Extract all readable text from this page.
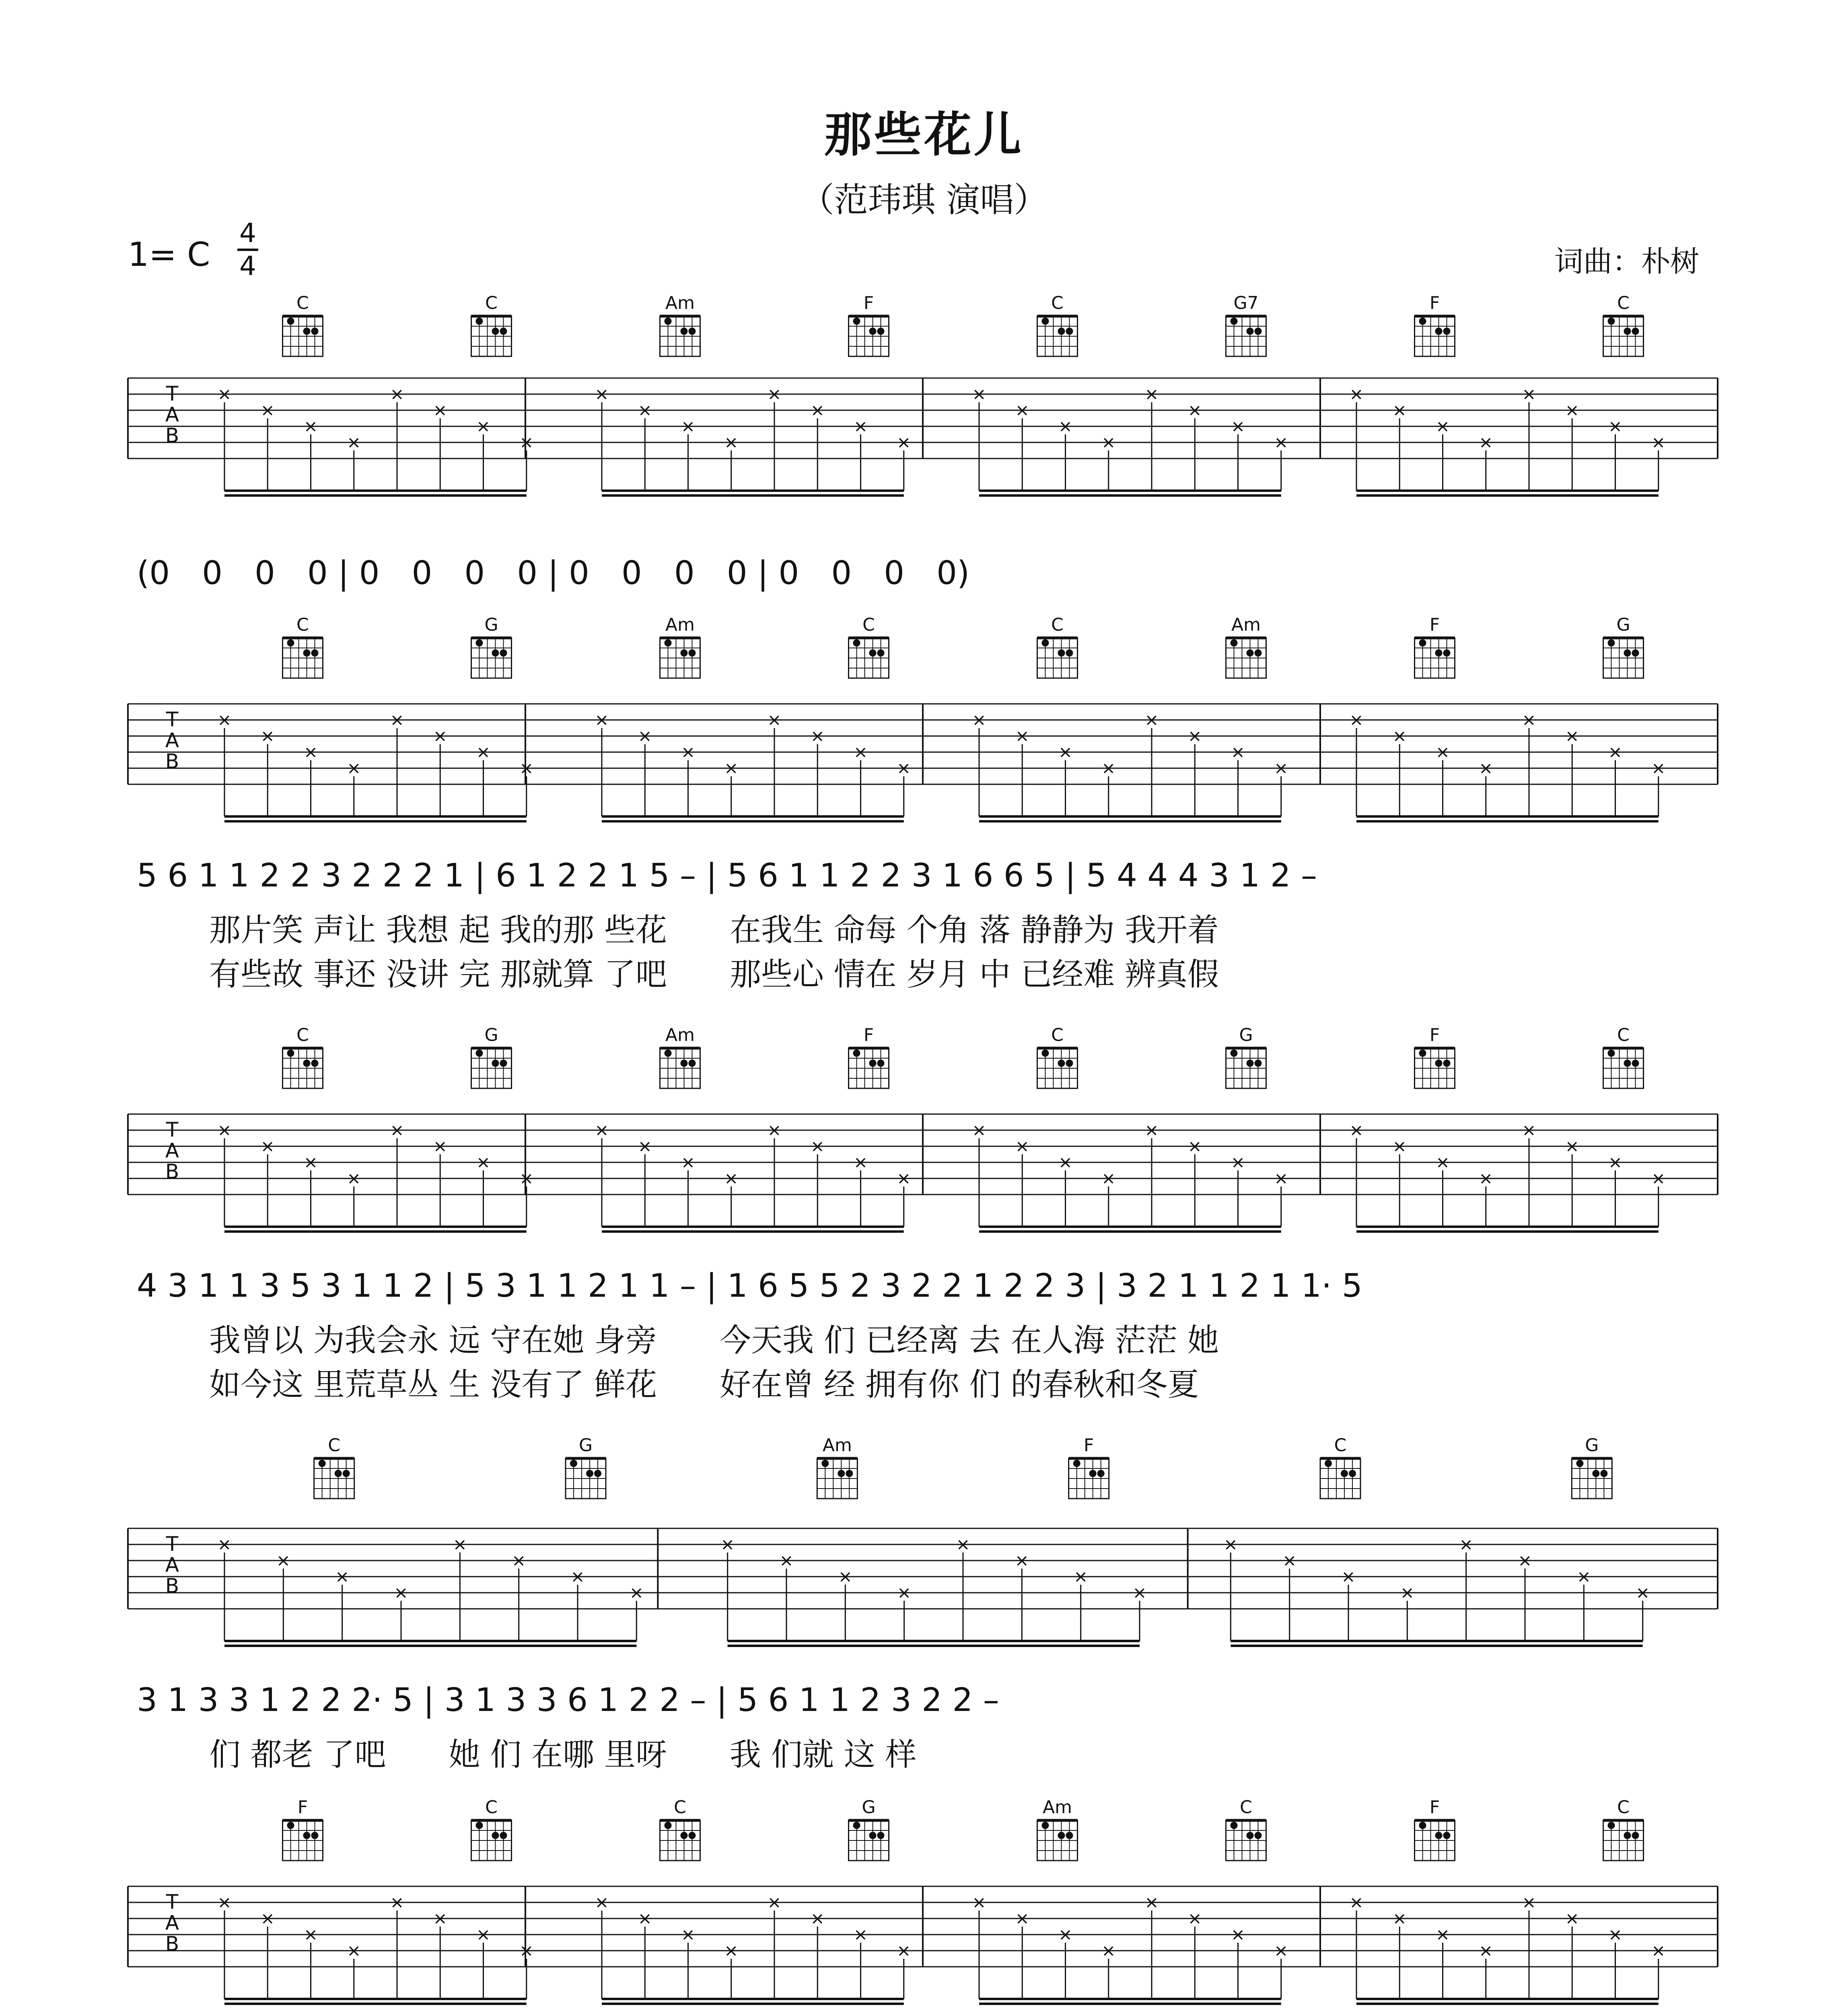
那些花儿
（范玮琪 演唱）
1= C
4
4	词曲：朴树
C	C	Am	F	C	G7	F	C
T
A
B
×
×
×
×
×
×
×
×
×
×
×
×
×
×
×
×
×
×
×
×
×
×
×
×
×
×
×
×
×
×
×
×
(0　0　0　0 | 0　0　0　0 | 0　0　0　0 | 0　0　0　0)
C	G	Am	C	C	Am	F	G
T
A
B
×
×
×
×
×
×
×
×
×
×
×
×
×
×
×
×
×
×
×
×
×
×
×
×
×
×
×
×
×
×
×
×
5 6 1 1 2 2 3 2 2 2 1 | 6 1 2 2 1 5 – | 5 6 1 1 2 2 3 1 6 6 5 | 5 4 4 4 3 1 2 –
那片笑 声让 我想 起 我的那 些花　　在我生 命每 个角 落 静静为 我开着
有些故 事还 没讲 完 那就算 了吧　　那些心 情在 岁月 中 已经难 辨真假
C	G	Am	F	C	G	F	C
T
A
B
×
×
×
×
×
×
×
×
×
×
×
×
×
×
×
×
×
×
×
×
×
×
×
×
×
×
×
×
×
×
×
×
4 3 1 1 3 5 3 1 1 2 | 5 3 1 1 2 1 1 – | 1 6 5 5 2 3 2 2 1 2 2 3 | 3 2 1 1 2 1 1· 5
我曾以 为我会永 远 守在她 身旁　　今天我 们 已经离 去 在人海 茫茫 她
如今这 里荒草丛 生 没有了 鲜花　　好在曾 经 拥有你 们 的春秋和冬夏
C	G	Am	F	C	G
T
A
B
×
×
×
×
×
×
×
×
×
×
×
×
×
×
×
×
×
×
×
×
×
×
×
×
3 1 3 3 1 2 2 2· 5 | 3 1 3 3 6 1 2 2 – | 5 6 1 1 2 3 2 2 –
们 都老 了吧　　她 们 在哪 里呀　　我 们就 这 样
F	C	C	G	Am	C	F	C
T
A
B
×
×
×
×
×
×
×
×
×
×
×
×
×
×
×
×
×
×
×
×
×
×
×
×
×
×
×
×
×
×
×
×
